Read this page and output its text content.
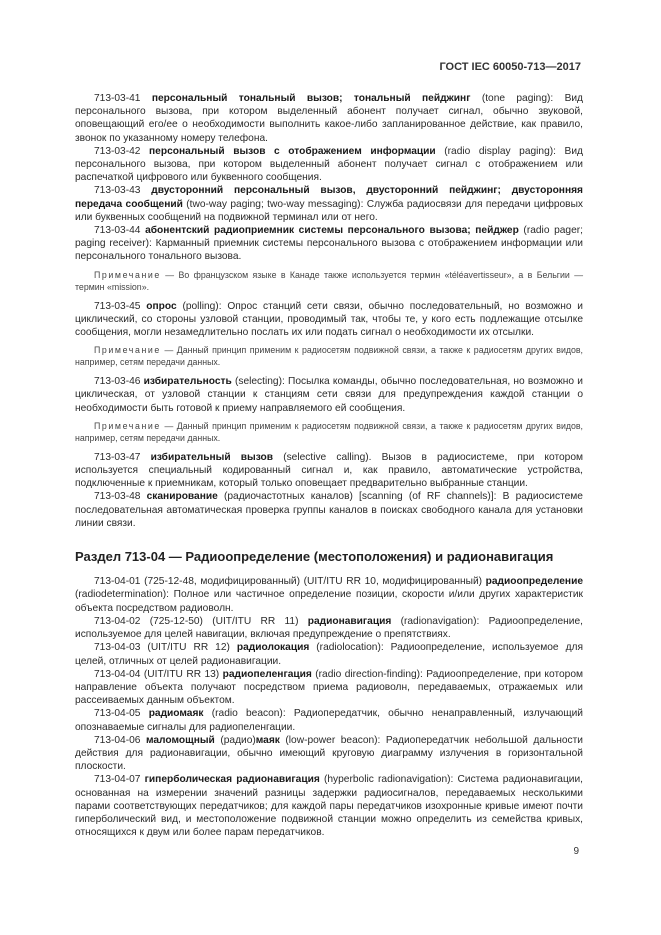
ГОСТ IEC 60050-713—2017

713-03-41 персональный тональный вызов; тональный пейджинг (tone paging): Вид персонального вызова, при котором выделенный абонент получает сигнал, обычно звуковой, оповещающий его/ее о необходимости выполнить какое-либо запланированное действие, как правило, звонок по указанному номеру телефона.

713-03-42 персональный вызов с отображением информации (radio display paging): Вид персонального вызова, при котором выделенный абонент получает сигнал с отображением или распечаткой цифрового или буквенного сообщения.

713-03-43 двусторонний персональный вызов, двусторонний пейджинг; двусторонняя передача сообщений (two-way paging; two-way messaging): Служба радиосвязи для передачи цифровых или буквенных сообщений на подвижной терминал или от него.

713-03-44 абонентский радиоприемник системы персонального вызова; пейджер (radio pager; paging receiver): Карманный приемник системы персонального вызова с отображением информации или персонального тонального вызова.

Примечание — Во французском языке в Канаде также используется термин «téléavertisseur», а в Бельгии — термин «mission».

713-03-45 опрос (polling): Опрос станций сети связи, обычно последовательный, но возможно и циклический, со стороны узловой станции, проводимый так, чтобы те, у кого есть подлежащие отсылке сообщения, могли незамедлительно послать их или подать сигнал о необходимости их отсылки.

Примечание — Данный принцип применим к радиосетям подвижной связи, а также к радиосетям других видов, например, сетям передачи данных.

713-03-46 избирательность (selecting): Посылка команды, обычно последовательная, но возможно и циклическая, от узловой станции к станциям сети связи для предупреждения каждой станции о необходимости быть готовой к приему направляемого ей сообщения.

Примечание — Данный принцип применим к радиосетям подвижной связи, а также к радиосетям других видов, например, сетям передачи данных.

713-03-47 избирательный вызов (selective calling). Вызов в радиосистеме, при котором используется специальный кодированный сигнал и, как правило, автоматические устройства, подключенные к приемникам, который только оповещает предварительно выбранные станции.

713-03-48 сканирование (радиочастотных каналов) [scanning (of RF channels)]: В радиосистеме последовательная автоматическая проверка группы каналов в поисках свободного канала для установки линии связи.

Раздел 713-04 — Радиоопределение (местоположения) и радионавигация

713-04-01 (725-12-48, модифицированный) (UIT/ITU RR 10, модифицированный) радиоопределение (radiodetermination): Полное или частичное определение позиции, скорости и/или других характеристик объекта посредством радиоволн.

713-04-02 (725-12-50) (UIT/ITU RR 11) радионавигация (radionavigation): Радиоопределение, используемое для целей навигации, включая предупреждение о препятствиях.

713-04-03 (UIT/ITU RR 12) радиолокация (radiolocation): Радиоопределение, используемое для целей, отличных от целей радионавигации.

713-04-04 (UIT/ITU RR 13) радиопеленгация (radio direction-finding): Радиоопределение, при котором направление объекта получают посредством приема радиоволн, передаваемых, отражаемых или рассеиваемых данным объектом.

713-04-05 радиомаяк (radio beacon): Радиопередатчик, обычно ненаправленный, излучающий опознаваемые сигналы для радиопеленгации.

713-04-06 маломощный (радио)маяк (low-power beacon): Радиопередатчик небольшой дальности действия для радионавигации, обычно имеющий круговую диаграмму излучения в горизонтальной плоскости.

713-04-07 гиперболическая радионавигация (hyperbolic radionavigation): Система радионавигации, основанная на измерении значений разницы задержки радиосигналов, передаваемых несколькими парами соответствующих передатчиков; для каждой пары передатчиков изохронные кривые имеют почти гиперболический вид, и местоположение подвижной станции можно определить из семейства кривых, относящихся к двум или более парам передатчиков.

9
